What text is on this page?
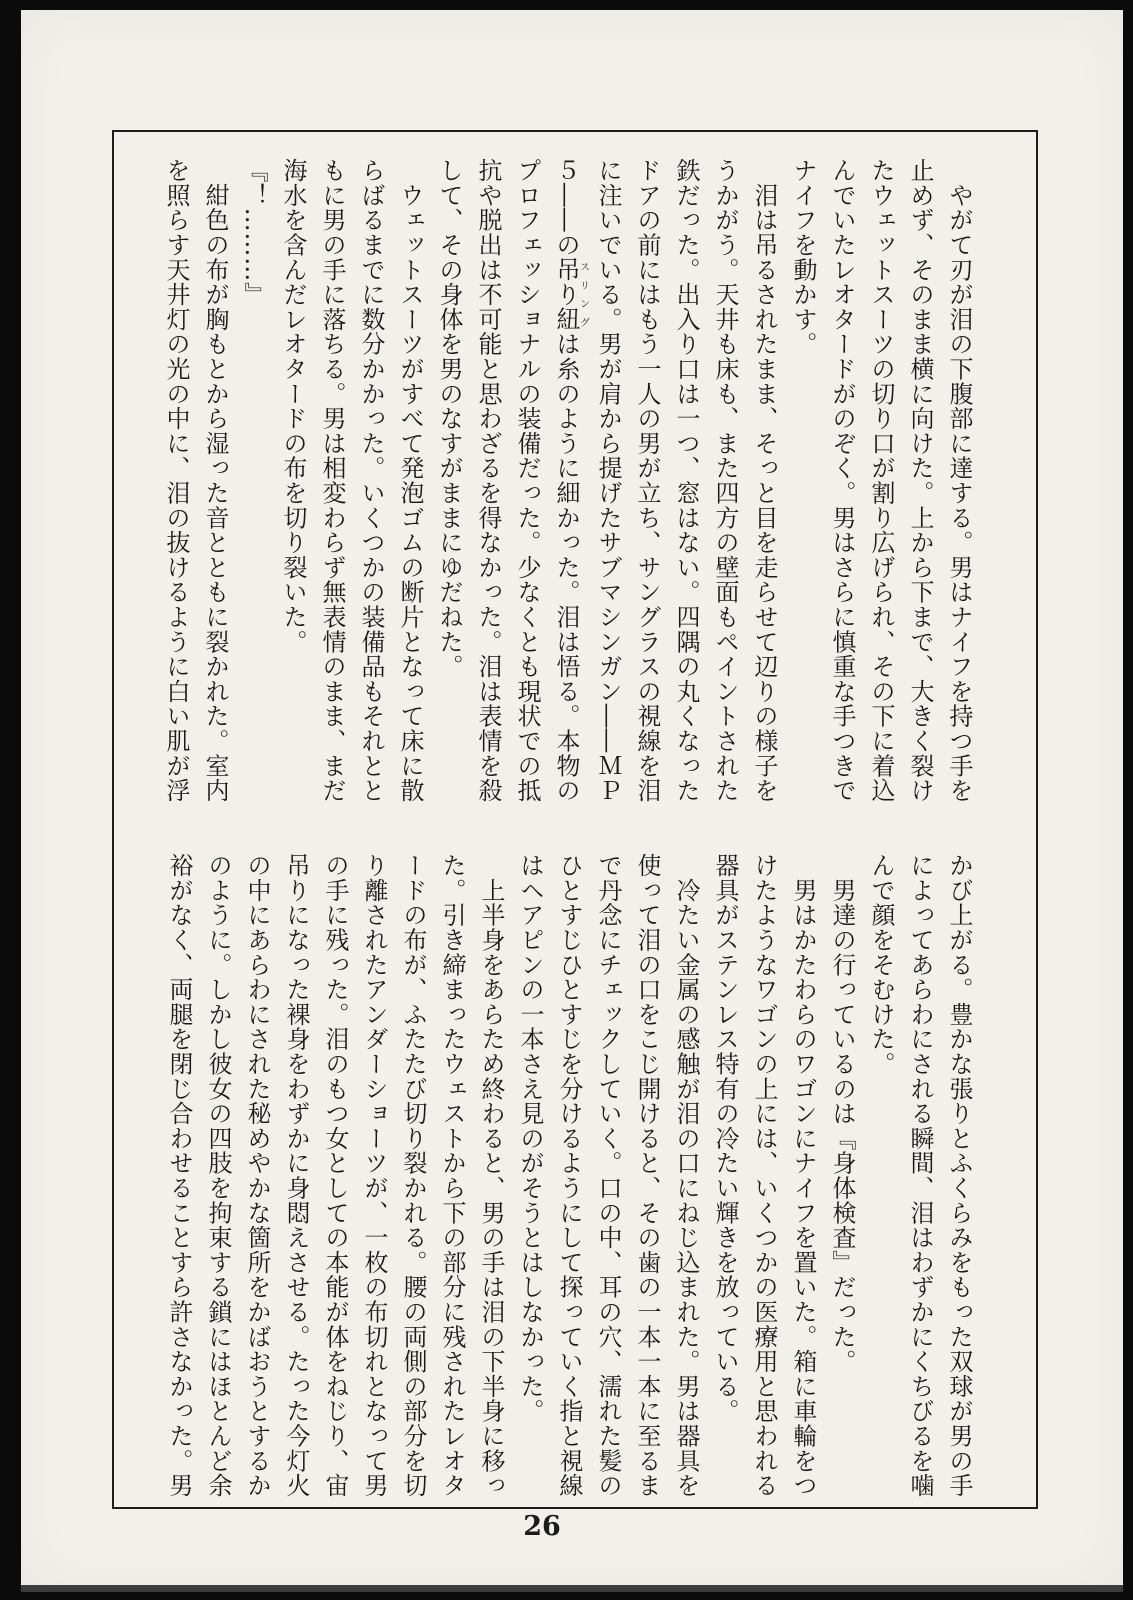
　やがて刃が泪の下腹部に達する。男はナイフを持つ手を
止めず、そのまま横に向けた。上から下まで、大きく裂け
たウェットスーツの切り口が割り広げられ、その下に着込
んでいたレオタードがのぞく。男はさらに慎重な手つきで
ナイフを動かす。
　泪は吊るされたまま、そっと目を走らせて辺りの様子を
うかがう。天井も床も、また四方の壁面もペイントされた
鉄だった。出入り口は一つ、窓はない。四隅の丸くなった
ドアの前にはもう一人の男が立ち、サングラスの視線を泪
に注いでいる。男が肩から提げたサブマシンガン――ＭＰ
５――の吊り紐スリングは糸のように細かった。泪は悟る。本物の
プロフェッショナルの装備だった。少なくとも現状での抵
抗や脱出は不可能と思わざるを得なかった。泪は表情を殺
して、その身体を男のなすがままにゆだねた。
　ウェットスーツがすべて発泡ゴムの断片となって床に散
らばるまでに数分かかった。いくつかの装備品もそれとと
もに男の手に落ちる。男は相変わらず無表情のまま、まだ
海水を含んだレオタードの布を切り裂いた。
『！………』
　紺色の布が胸もとから湿った音とともに裂かれた。室内
を照らす天井灯の光の中に、泪の抜けるように白い肌が浮
かび上がる。豊かな張りとふくらみをもった双球が男の手
によってあらわにされる瞬間、泪はわずかにくちびるを噛
んで顔をそむけた。
　男達の行っているのは『身体検査』だった。
　男はかたわらのワゴンにナイフを置いた。箱に車輪をつ
けたようなワゴンの上には、いくつかの医療用と思われる
器具がステンレス特有の冷たい輝きを放っている。
　冷たい金属の感触が泪の口にねじ込まれた。男は器具を
使って泪の口をこじ開けると、その歯の一本一本に至るま
で丹念にチェックしていく。口の中、耳の穴、濡れた髪の
ひとすじひとすじを分けるようにして探っていく指と視線
はヘアピンの一本さえ見のがそうとはしなかった。
　上半身をあらため終わると、男の手は泪の下半身に移っ
た。引き締まったウェストから下の部分に残されたレオタ
ードの布が、ふたたび切り裂かれる。腰の両側の部分を切
り離されたアンダーショーツが、一枚の布切れとなって男
の手に残った。泪のもつ女としての本能が体をねじり、宙
吊りになった裸身をわずかに身悶えさせる。たった今灯火
の中にあらわにされた秘めやかな箇所をかばおうとするか
のように。しかし彼女の四肢を拘束する鎖にはほとんど余
裕がなく、両腿を閉じ合わせることすら許さなかった。男
26
